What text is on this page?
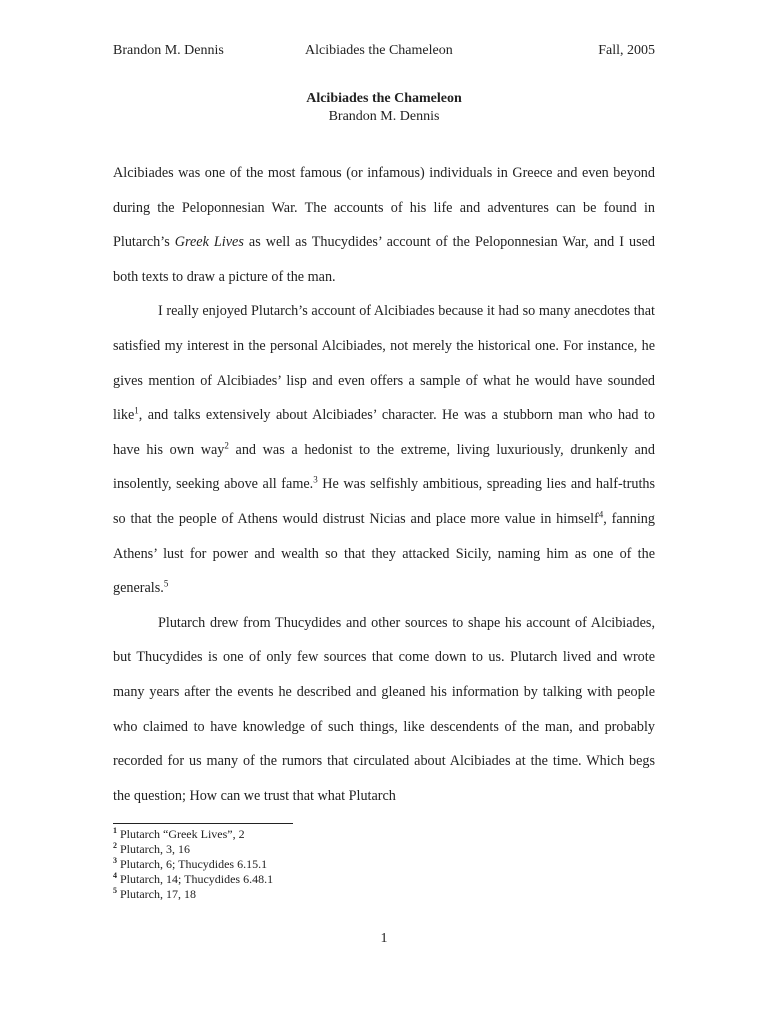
Brandon M. Dennis	Alcibiades the Chameleon	Fall, 2005
Alcibiades the Chameleon
Brandon M. Dennis

Alcibiades was one of the most famous (or infamous) individuals in Greece and even beyond during the Peloponnesian War. The accounts of his life and adventures can be found in Plutarch’s Greek Lives as well as Thucydides’ account of the Peloponnesian War, and I used both texts to draw a picture of the man.

I really enjoyed Plutarch’s account of Alcibiades because it had so many anecdotes that satisfied my interest in the personal Alcibiades, not merely the historical one. For instance, he gives mention of Alcibiades’ lisp and even offers a sample of what he would have sounded like$^1$, and talks extensively about Alcibiades’ character. He was a stubborn man who had to have his own way$^2$ and was a hedonist to the extreme, living luxuriously, drunkenly and insolently, seeking above all fame.$^3$ He was selfishly ambitious, spreading lies and half-truths so that the people of Athens would distrust Nicias and place more value in himself$^4$, fanning Athens’ lust for power and wealth so that they attacked Sicily, naming him as one of the generals.$^5$

Plutarch drew from Thucydides and other sources to shape his account of Alcibiades, but Thucydides is one of only few sources that come down to us. Plutarch lived and wrote many years after the events he described and gleaned his information by talking with people who claimed to have knowledge of such things, like descendents of the man, and probably recorded for us many of the rumors that circulated about Alcibiades at the time. Which begs the question; How can we trust that what Plutarch

$^1$ Plutarch “Greek Lives”, 2
$^2$ Plutarch, 3, 16
$^3$ Plutarch, 6; Thucydides 6.15.1
$^4$ Plutarch, 14; Thucydides 6.48.1
$^5$ Plutarch, 17, 18
1
